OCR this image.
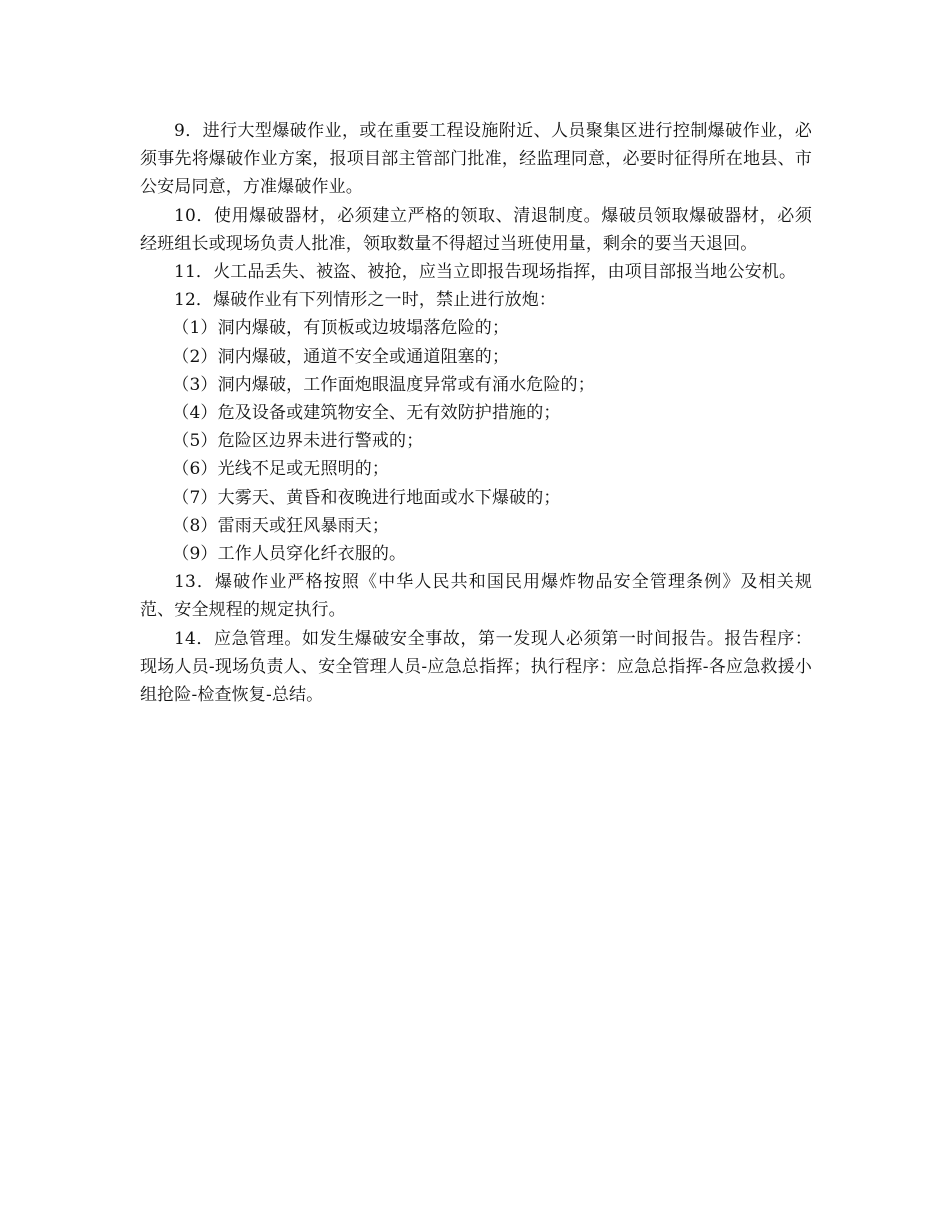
9．进行大型爆破作业，或在重要工程设施附近、人员聚集区进行控制爆破作业，必须事先将爆破作业方案，报项目部主管部门批准，经监理同意，必要时征得所在地县、市公安局同意，方准爆破作业。

10．使用爆破器材，必须建立严格的领取、清退制度。爆破员领取爆破器材，必须经班组长或现场负责人批准，领取数量不得超过当班使用量，剩余的要当天退回。

11．火工品丢失、被盗、被抢，应当立即报告现场指挥，由项目部报当地公安机。

12．爆破作业有下列情形之一时，禁止进行放炮：

（1）洞内爆破，有顶板或边坡塌落危险的；

（2）洞内爆破，通道不安全或通道阻塞的；

（3）洞内爆破，工作面炮眼温度异常或有涌水危险的；

（4）危及设备或建筑物安全、无有效防护措施的；

（5）危险区边界未进行警戒的；

（6）光线不足或无照明的；

（7）大雾天、黄昏和夜晚进行地面或水下爆破的；

（8）雷雨天或狂风暴雨天；

（9）工作人员穿化纤衣服的。

13．爆破作业严格按照《中华人民共和国民用爆炸物品安全管理条例》及相关规范、安全规程的规定执行。

14．应急管理。如发生爆破安全事故，第一发现人必须第一时间报告。报告程序：现场人员-现场负责人、安全管理人员-应急总指挥；执行程序：应急总指挥-各应急救援小组抢险-检查恢复-总结。
